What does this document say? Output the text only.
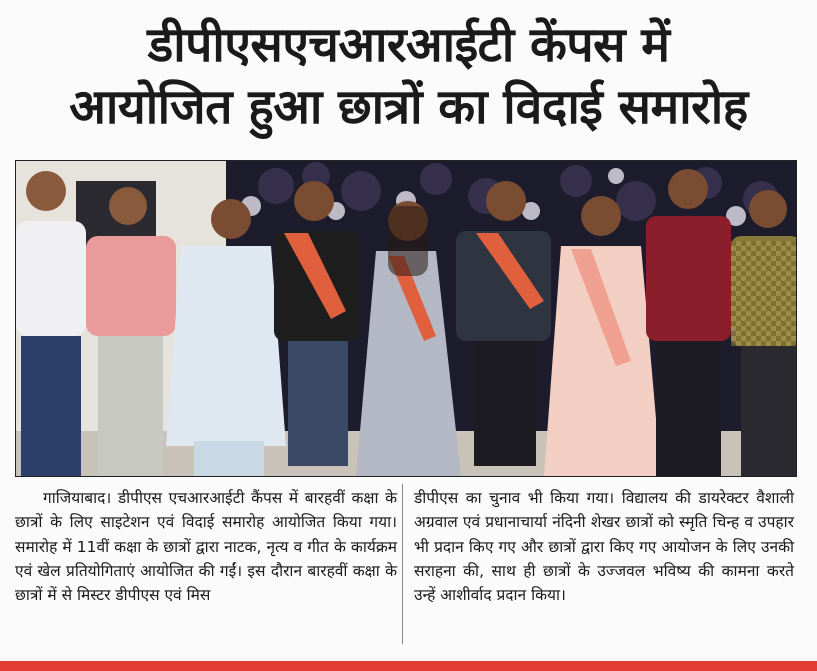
डीपीएसएचआरआईटी केंपस में
आयोजित हुआ छात्रों का विदाई समारोह

गाजियाबाद। डीपीएस एचआरआईटी कैंपस में बारहवीं कक्षा के छात्रों के लिए साइटेशन एवं विदाई समारोह आयोजित किया गया। समारोह में 11वीं कक्षा के छात्रों द्वारा नाटक, नृत्य व गीत के कार्यक्रम एवं खेल प्रतियोगिताएं आयोजित की गईं। इस दौरान बारहवीं कक्षा के छात्रों में से मिस्टर डीपीएस एवं मिस

डीपीएस का चुनाव भी किया गया। विद्यालय की डायरेक्टर वैशाली अग्रवाल एवं प्रधानाचार्या नंदिनी शेखर छात्रों को स्मृति चिन्ह व उपहार भी प्रदान किए गए और छात्रों द्वारा किए गए आयोजन के लिए उनकी सराहना की, साथ ही छात्रों के उज्जवल भविष्य की कामना करते उन्हें आशीर्वाद प्रदान किया।
